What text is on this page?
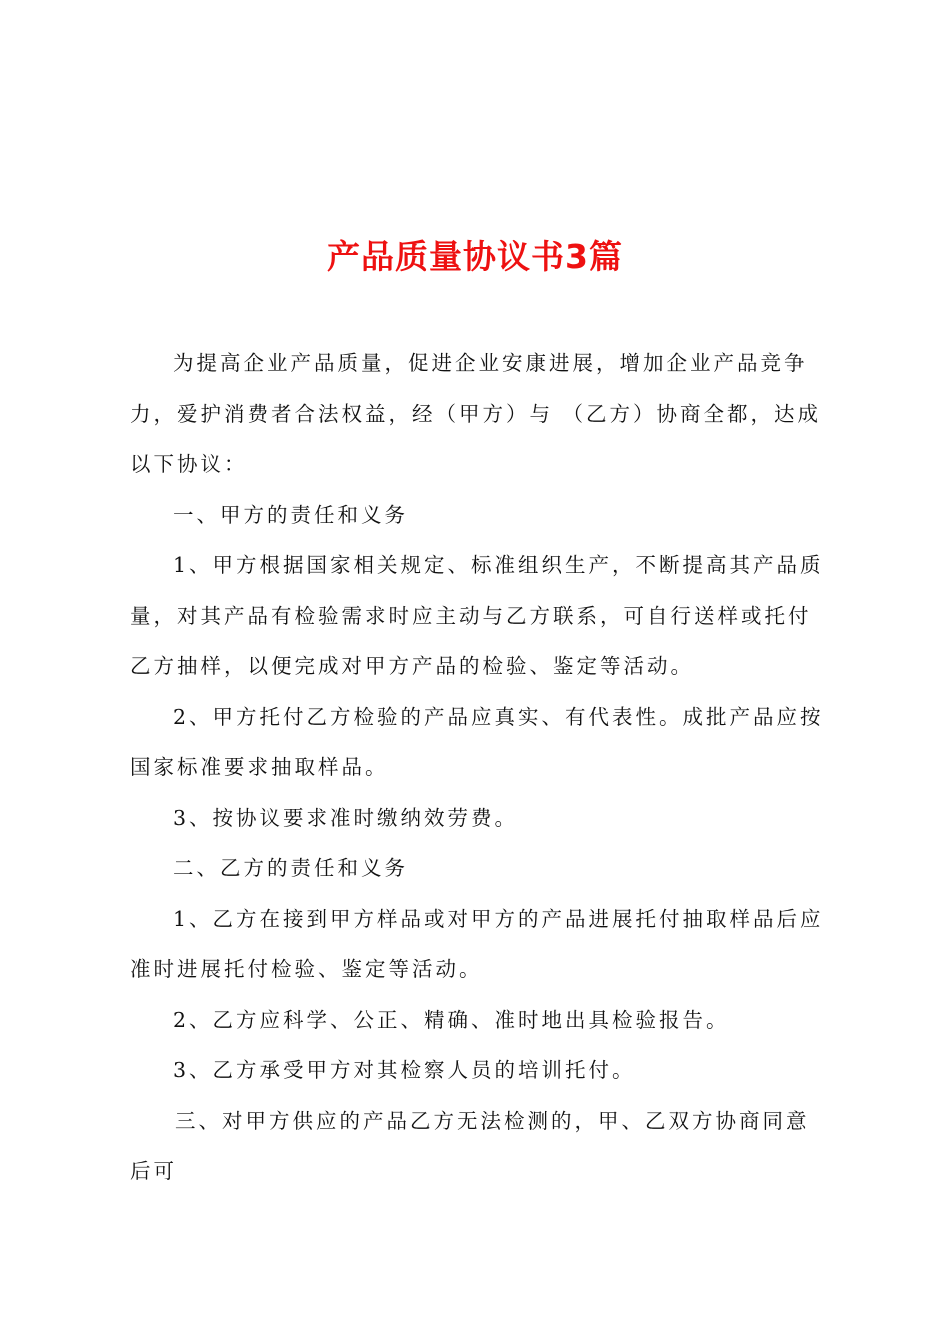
产品质量协议书3篇

为提高企业产品质量，促进企业安康进展，增加企业产品竞争力，爱护消费者合法权益，经（甲方）与 （乙方）协商全都，达成以下协议：

一、甲方的责任和义务

1、甲方根据国家相关规定、标准组织生产，不断提高其产品质量，对其产品有检验需求时应主动与乙方联系，可自行送样或托付乙方抽样，以便完成对甲方产品的检验、鉴定等活动。

2、甲方托付乙方检验的产品应真实、有代表性。成批产品应按国家标准要求抽取样品。

3、按协议要求准时缴纳效劳费。

二、乙方的责任和义务

1、乙方在接到甲方样品或对甲方的产品进展托付抽取样品后应准时进展托付检验、鉴定等活动。

2、乙方应科学、公正、精确、准时地出具检验报告。

3、乙方承受甲方对其检察人员的培训托付。

三、对甲方供应的产品乙方无法检测的，甲、乙双方协商同意后可
